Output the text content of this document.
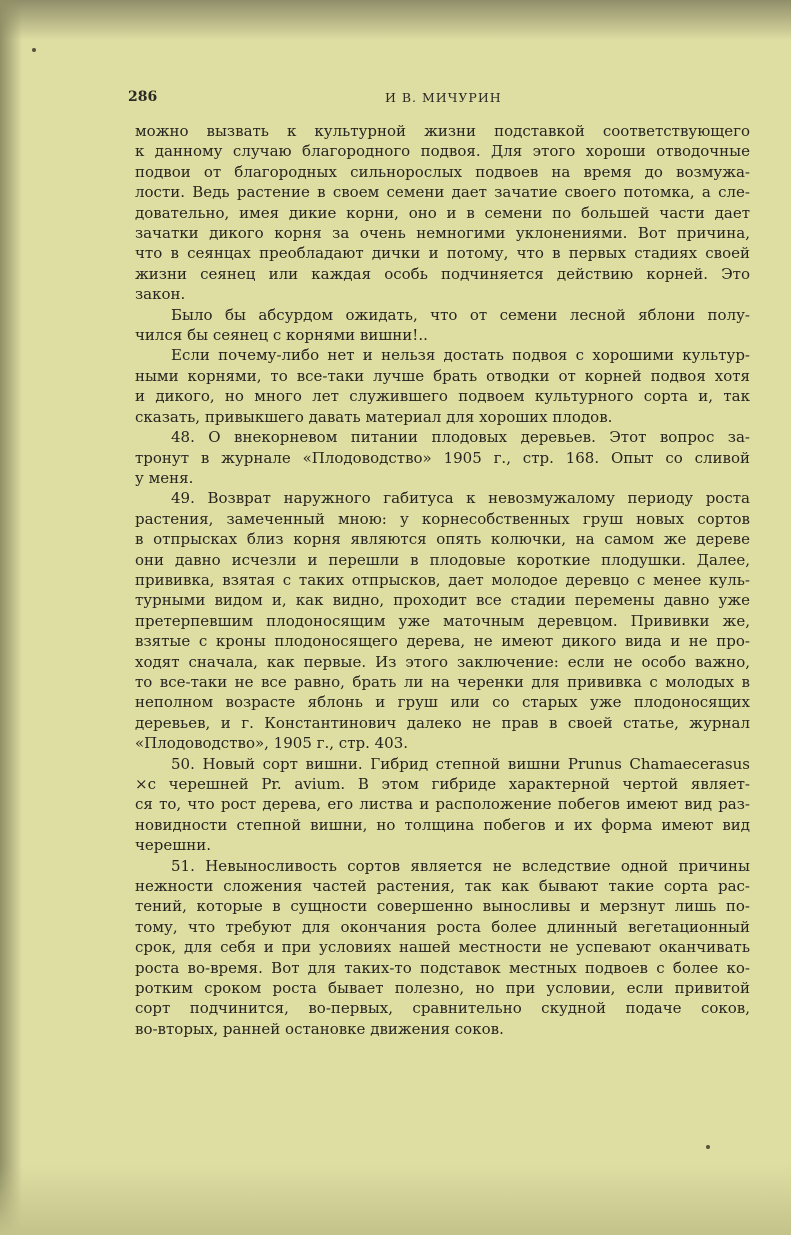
286	И В. МИЧУРИН
можно вызвать к культурной жизни подставкой соответствующего
к данному случаю благородного подвоя. Для этого хороши отводочные
подвои от благородных сильнорослых подвоев на время до возмужа-
лости. Ведь растение в своем семени дает зачатие своего потомка, а сле-
довательно, имея дикие корни, оно и в семени по большей части дает
зачатки дикого корня за очень немногими уклонениями. Вот причина,
что в сеянцах преобладают дички и потому, что в первых стадиях своей
жизни сеянец или каждая особь подчиняется действию корней. Это
закон.
Было бы абсурдом ожидать, что от семени лесной яблони полу-
чился бы сеянец с корнями вишни!..
Если почему-либо нет и нельзя достать подвоя с хорошими культур-
ными корнями, то все-таки лучше брать отводки от корней подвоя хотя
и дикого, но много лет служившего подвоем культурного сорта и, так
сказать, привыкшего давать материал для хороших плодов.
48. О внекорневом питании плодовых деревьев. Этот вопрос за-
тронут в журнале «Плодоводство» 1905 г., стр. 168. Опыт со сливой
у меня.
49. Возврат наружного габитуса к невозмужалому периоду роста
растения, замеченный мною: у корнесобственных груш новых сортов
в отпрысках близ корня являются опять колючки, на самом же дереве
они давно исчезли и перешли в плодовые короткие плодушки. Далее,
прививка, взятая с таких отпрысков, дает молодое деревцо с менее куль-
турными видом и, как видно, проходит все стадии перемены давно уже
претерпевшим плодоносящим уже маточным деревцом. Прививки же,
взятые с кроны плодоносящего дерева, не имеют дикого вида и не про-
ходят сначала, как первые. Из этого заключение: если не особо важно,
то все-таки не все равно, брать ли на черенки для прививка с молодых в
неполном возрасте яблонь и груш или со старых уже плодоносящих
деревьев, и г. Константинович далеко не прав в своей статье, журнал
«Плодоводство», 1905 г., стр. 403.
50. Новый сорт вишни. Гибрид степной вишни Prunus Chamaecerasus
×с черешней Pr. avium. В этом гибриде характерной чертой являет-
ся то, что рост дерева, его листва и расположение побегов имеют вид раз-
новидности степной вишни, но толщина побегов и их форма имеют вид
черешни.
51. Невыносливость сортов является не вследствие одной причины
нежности сложения частей растения, так как бывают такие сорта рас-
тений, которые в сущности совершенно выносливы и мерзнут лишь по-
тому, что требуют для окончания роста более длинный вегетационный
срок, для себя и при условиях нашей местности не успевают оканчивать
роста во-время. Вот для таких-то подставок местных подвоев с более ко-
ротким сроком роста бывает полезно, но при условии, если привитой
сорт подчинится, во-первых, сравнительно скудной подаче соков,
во-вторых, ранней остановке движения соков.
